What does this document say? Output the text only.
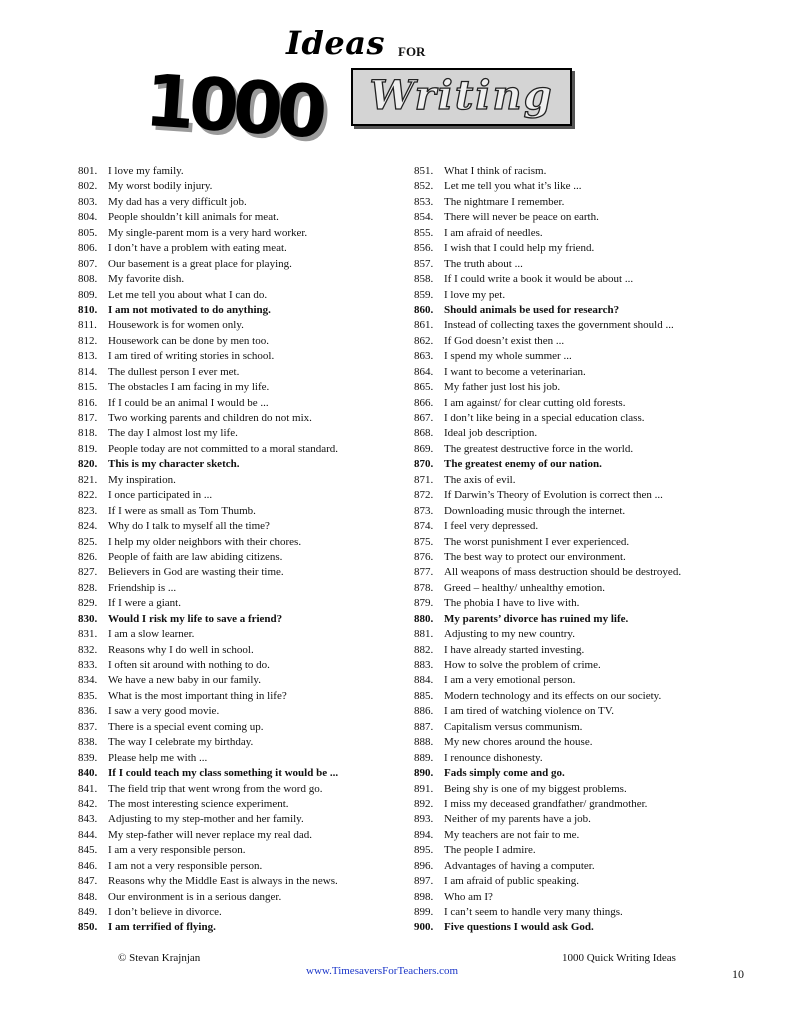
Ideas FOR
1000	Writing
801. I love my family.
802. My worst bodily injury.
803. My dad has a very difficult job.
804. People shouldn’t kill animals for meat.
805. My single-parent mom is a very hard worker.
806. I don’t have a problem with eating meat.
807. Our basement is a great place for playing.
808. My favorite dish.
809. Let me tell you about what I can do.
810. I am not motivated to do anything.
811.	Housework is for women only.
812. Housework can be done by men too.
813. I am tired of writing stories in school.
814. The dullest person I ever met.
815. The obstacles I am facing in my life.
816. If I could be an animal I would be ...
817. Two working parents and children do not mix.
818. The day I almost lost my life.
819. People today are not committed to a moral standard.
820. This is my character sketch.
821. My inspiration.
822. I once participated in ...
823. If I were as small as Tom Thumb.
824. Why do I talk to myself all the time?
825. I help my older neighbors with their chores.
826. People of faith are law abiding citizens.
827. Believers in God are wasting their time.
828. Friendship is ...
829. If I were a giant.
830. Would I risk my life to save a friend?
831. I am a slow learner.
832. Reasons why I do well in school.
833. I often sit around with nothing to do.
834. We have a new baby in our family.
835. What is the most important thing in life?
836. I saw a very good movie.
837. There is a special event coming up.
838. The way I celebrate my birthday.
839. Please help me with ...
840. If I could teach my class something it would be ...
841. The field trip that went wrong from the word go.
842. The most interesting science experiment.
843. Adjusting to my step-mother and her family.
844. My step-father will never replace my real dad.
845. I am a very responsible person.
846. I am not a very responsible person.
847. Reasons why the Middle East is always in the news.
848. Our environment is in a serious danger.
849. I don’t believe in divorce.
850. I am terrified of flying.
851. What I think of racism.
852. Let me tell you what it’s like ...
853. The nightmare I remember.
854. There will never be peace on earth.
855. I am afraid of needles.
856. I wish that I could help my friend.
857. The truth about ...
858. If I could write a book it would be about ...
859. I love my pet.
860. Should animals be used for research?
861. Instead of collecting taxes the government should ...
862. If God doesn’t exist then ...
863. I spend my whole summer ...
864. I want to become a veterinarian.
865. My father just lost his job.
866. I am against/ for clear cutting old forests.
867. I don’t like being in a special education class.
868. Ideal job description.
869. The greatest destructive force in the world.
870. The greatest enemy of our nation.
871. The axis of evil.
872. If Darwin’s Theory of Evolution is correct then ...
873. Downloading music through the internet.
874. I feel very depressed.
875. The worst punishment I ever experienced.
876. The best way to protect our environment.
877. All weapons of mass destruction should be destroyed.
878. Greed – healthy/ unhealthy emotion.
879. The phobia I have to live with.
880. My parents’ divorce has ruined my life.
881. Adjusting to my new country.
882. I have already started investing.
883. How to solve the problem of crime.
884. I am a very emotional person.
885. Modern technology and its effects on our society.
886. I am tired of watching violence on TV.
887. Capitalism versus communism.
888. My new chores around the house.
889. I renounce dishonesty.
890. Fads simply come and go.
891. Being shy is one of my biggest problems.
892. I miss my deceased grandfather/ grandmother.
893. Neither of my parents have a job.
894. My teachers are not fair to me.
895. The people I admire.
896. Advantages of having a computer.
897. I am afraid of public speaking.
898. Who am I?
899. I can’t seem to handle very many things.
900. Five questions I would ask God.
© Stevan Krajnjan	1000 Quick Writing Ideas
www.TimesaversForTeachers.com	10
